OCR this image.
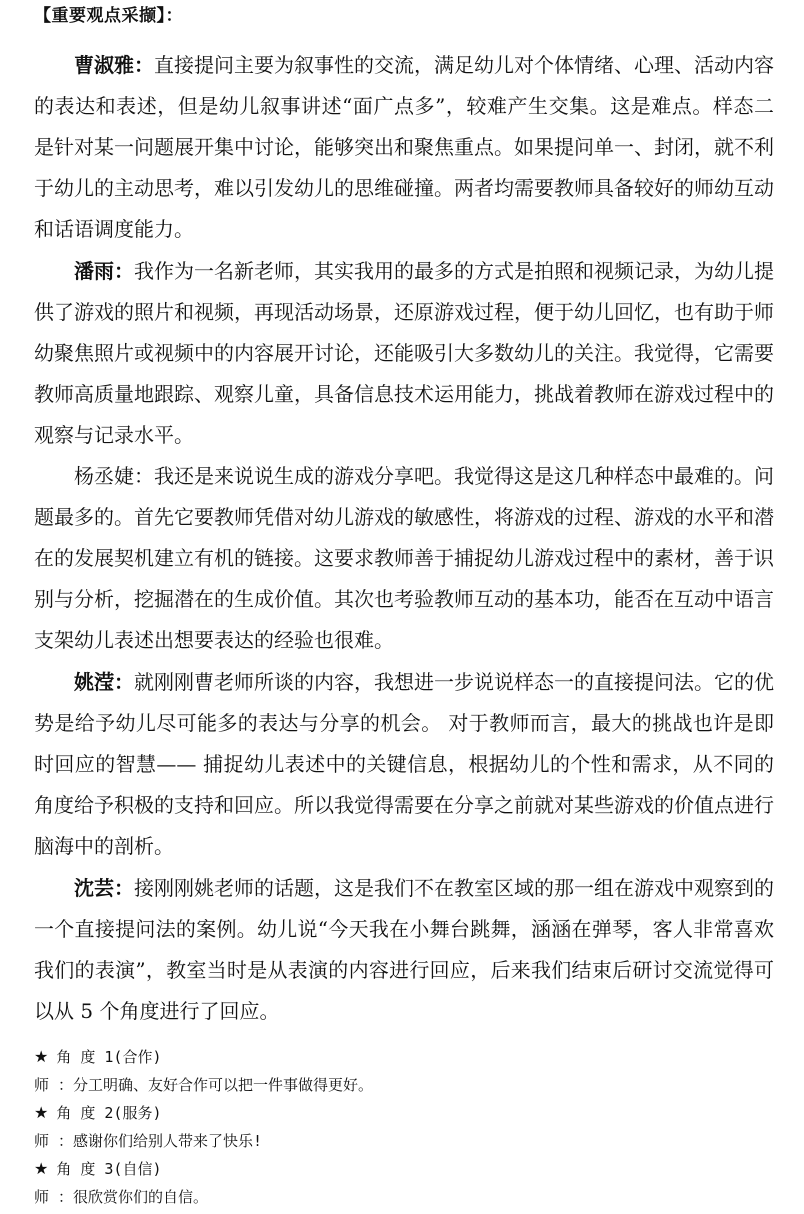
【重要观点采撷】：

曹淑雅：直接提问主要为叙事性的交流，满足幼儿对个体情绪、心理、活动内容的表达和表述，但是幼儿叙事讲述“面广点多”，较难产生交集。这是难点。样态二是针对某一问题展开集中讨论，能够突出和聚焦重点。如果提问单一、封闭，就不利于幼儿的主动思考，难以引发幼儿的思维碰撞。两者均需要教师具备较好的师幼互动和话语调度能力。

潘雨：我作为一名新老师，其实我用的最多的方式是拍照和视频记录，为幼儿提供了游戏的照片和视频，再现活动场景，还原游戏过程，便于幼儿回忆，也有助于师幼聚焦照片或视频中的内容展开讨论，还能吸引大多数幼儿的关注。我觉得，它需要教师高质量地跟踪、观察儿童，具备信息技术运用能力，挑战着教师在游戏过程中的观察与记录水平。

杨丞婕：我还是来说说生成的游戏分享吧。我觉得这是这几种样态中最难的。问题最多的。首先它要教师凭借对幼儿游戏的敏感性，将游戏的过程、游戏的水平和潜在的发展契机建立有机的链接。这要求教师善于捕捉幼儿游戏过程中的素材，善于识别与分析，挖掘潜在的生成价值。其次也考验教师互动的基本功，能否在互动中语言支架幼儿表述出想要表达的经验也很难。

姚滢：就刚刚曹老师所谈的内容，我想进一步说说样态一的直接提问法。它的优势是给予幼儿尽可能多的表达与分享的机会。 对于教师而言，最大的挑战也许是即时回应的智慧—— 捕捉幼儿表述中的关键信息，根据幼儿的个性和需求，从不同的角度给予积极的支持和回应。所以我觉得需要在分享之前就对某些游戏的价值点进行脑海中的剖析。

沈芸：接刚刚姚老师的话题，这是我们不在教室区域的那一组在游戏中观察到的一个直接提问法的案例。幼儿说“今天我在小舞台跳舞，涵涵在弹琴，客人非常喜欢我们的表演”，教室当时是从表演的内容进行回应，后来我们结束后研讨交流觉得可以从 5 个角度进行了回应。

★ 角 度 1(合作)
师 ：分工明确、友好合作可以把一件事做得更好。
★ 角 度 2(服务)
师 ：感谢你们给别人带来了快乐!
★ 角 度 3(自信)
师 ：很欣赏你们的自信。
